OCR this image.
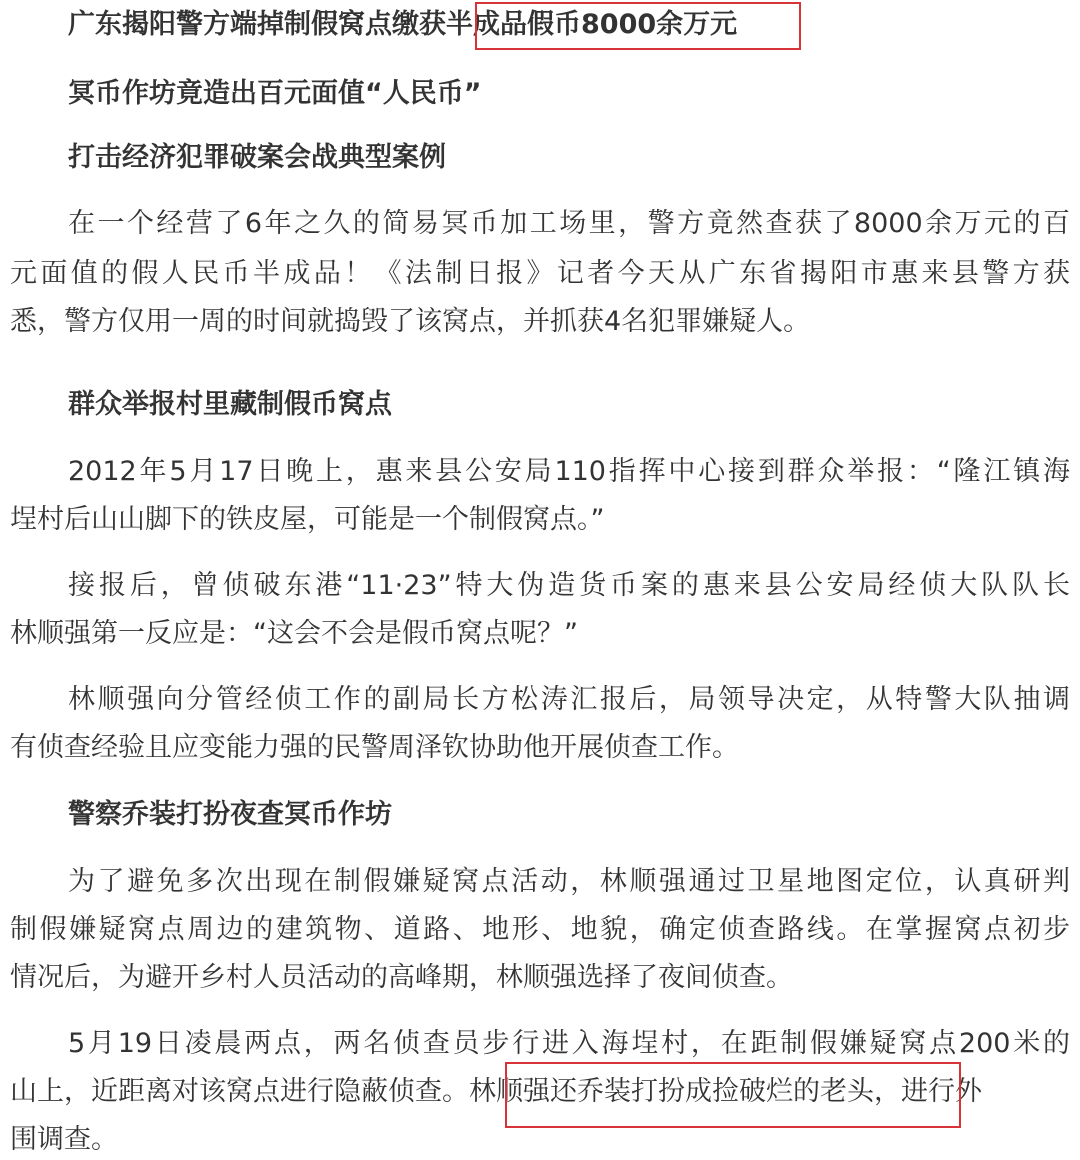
广东揭阳警方端掉制假窝点缴获半成品假币8000余万元
冥币作坊竟造出百元面值“人民币”
打击经济犯罪破案会战典型案例
在一个经营了6年之久的简易冥币加工场里，警方竟然查获了8000余万元的百
元面值的假人民币半成品！《法制日报》记者今天从广东省揭阳市惠来县警方获
悉，警方仅用一周的时间就捣毁了该窝点，并抓获4名犯罪嫌疑人。
群众举报村里藏制假币窝点
2012年5月17日晚上，惠来县公安局110指挥中心接到群众举报：“隆江镇海
埕村后山山脚下的铁皮屋，可能是一个制假窝点。”
接报后，曾侦破东港“11·23”特大伪造货币案的惠来县公安局经侦大队队长
林顺强第一反应是：“这会不会是假币窝点呢？”
林顺强向分管经侦工作的副局长方松涛汇报后，局领导决定，从特警大队抽调
有侦查经验且应变能力强的民警周泽钦协助他开展侦查工作。
警察乔装打扮夜查冥币作坊
为了避免多次出现在制假嫌疑窝点活动，林顺强通过卫星地图定位，认真研判
制假嫌疑窝点周边的建筑物、道路、地形、地貌，确定侦查路线。在掌握窝点初步
情况后，为避开乡村人员活动的高峰期，林顺强选择了夜间侦查。
5月19日凌晨两点，两名侦查员步行进入海埕村，在距制假嫌疑窝点200米的
山上，近距离对该窝点进行隐蔽侦查。林顺强还乔装打扮成捡破烂的老头，进行外
围调查。
